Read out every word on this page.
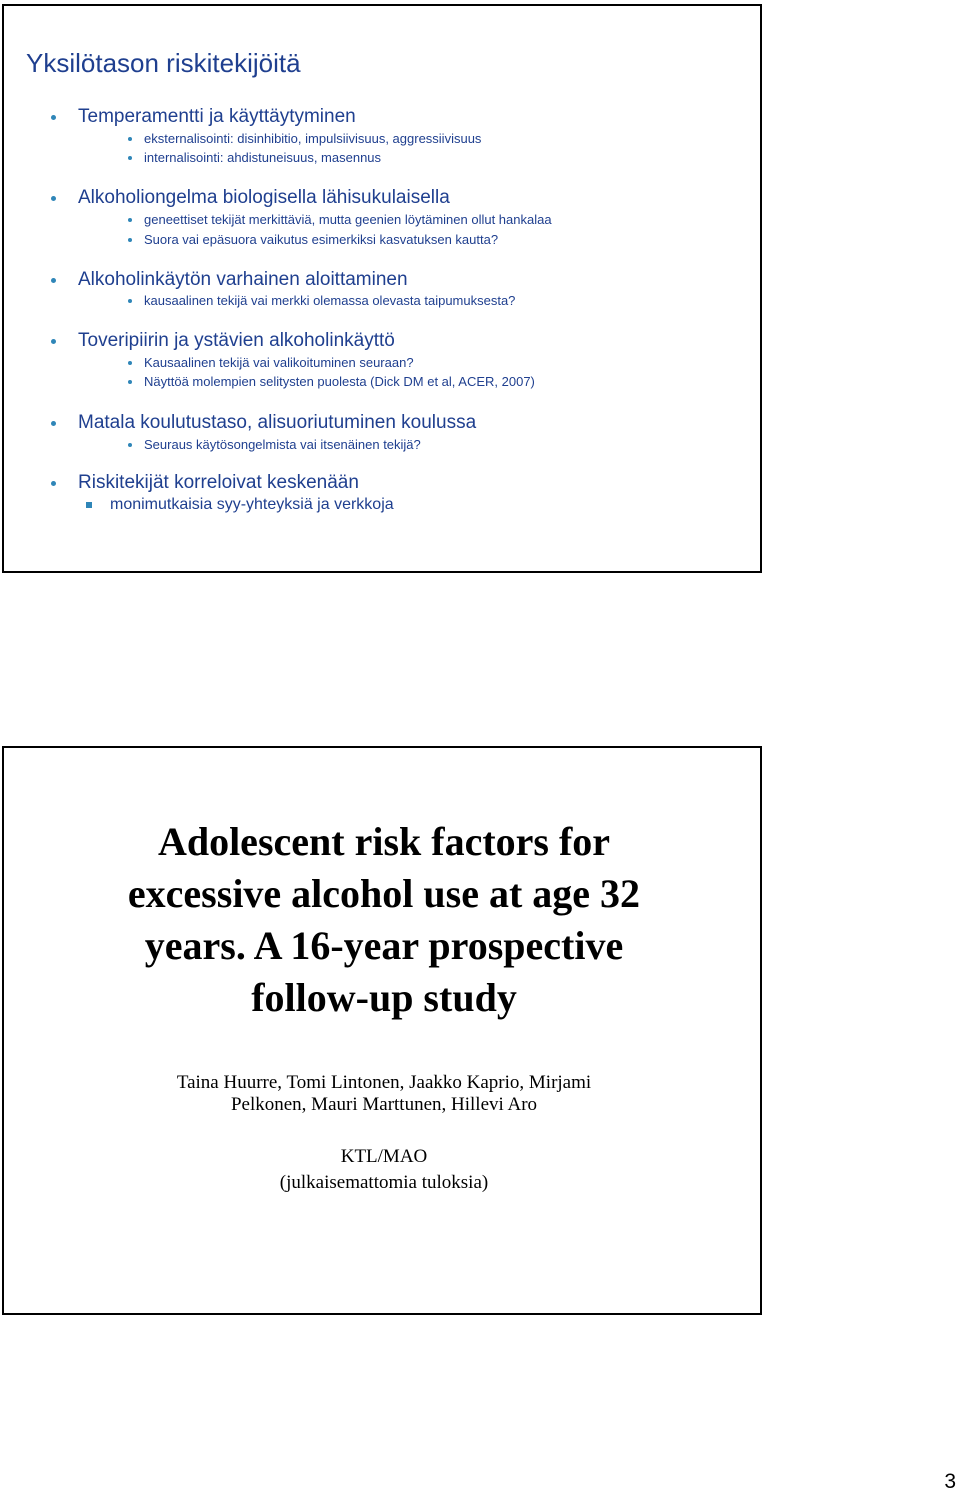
Yksilötason riskitekijöitä
Temperamentti ja käyttäytyminen
eksternalisointi: disinhibitio, impulsiivisuus, aggressiivisuus
internalisointi: ahdistuneisuus, masennus
Alkoholiongelma biologisella lähisukulaisella
geneettiset tekijät merkittäviä, mutta geenien löytäminen ollut hankalaa
Suora vai epäsuora vaikutus esimerkiksi kasvatuksen kautta?
Alkoholinkäytön varhainen aloittaminen
kausaalinen tekijä vai merkki olemassa olevasta taipumuksesta?
Toveripiirin ja ystävien alkoholinkäyttö
Kausaalinen tekijä vai valikoituminen seuraan?
Näyttöä molempien selitysten puolesta (Dick DM et al, ACER, 2007)
Matala koulutustaso, alisuoriutuminen koulussa
Seuraus käytösongelmista vai itsenäinen tekijä?
Riskitekijät korreloivat keskenään
monimutkaisia syy-yhteyksiä ja verkkoja
Adolescent risk factors for
excessive alcohol use at age 32
years. A 16-year prospective
follow-up study
Taina Huurre, Tomi Lintonen, Jaakko Kaprio, Mirjami
Pelkonen, Mauri Marttunen, Hillevi Aro
KTL/MAO
(julkaisemattomia tuloksia)
3
